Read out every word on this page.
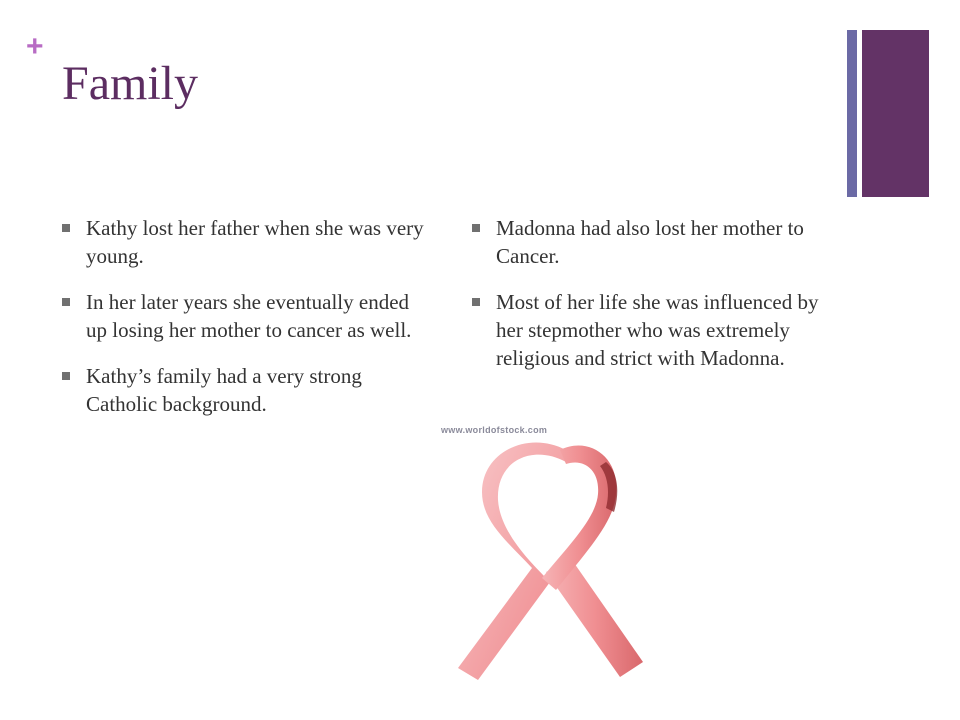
+
Family
Kathy lost her father when she was very young.
In her later years she eventually ended up losing her mother to cancer as well.
Kathy’s family had a very strong Catholic background.
Madonna had also lost her mother to Cancer.
Most of her life she was influenced by her stepmother who was extremely religious and strict with Madonna.
www.worldofstock.com
